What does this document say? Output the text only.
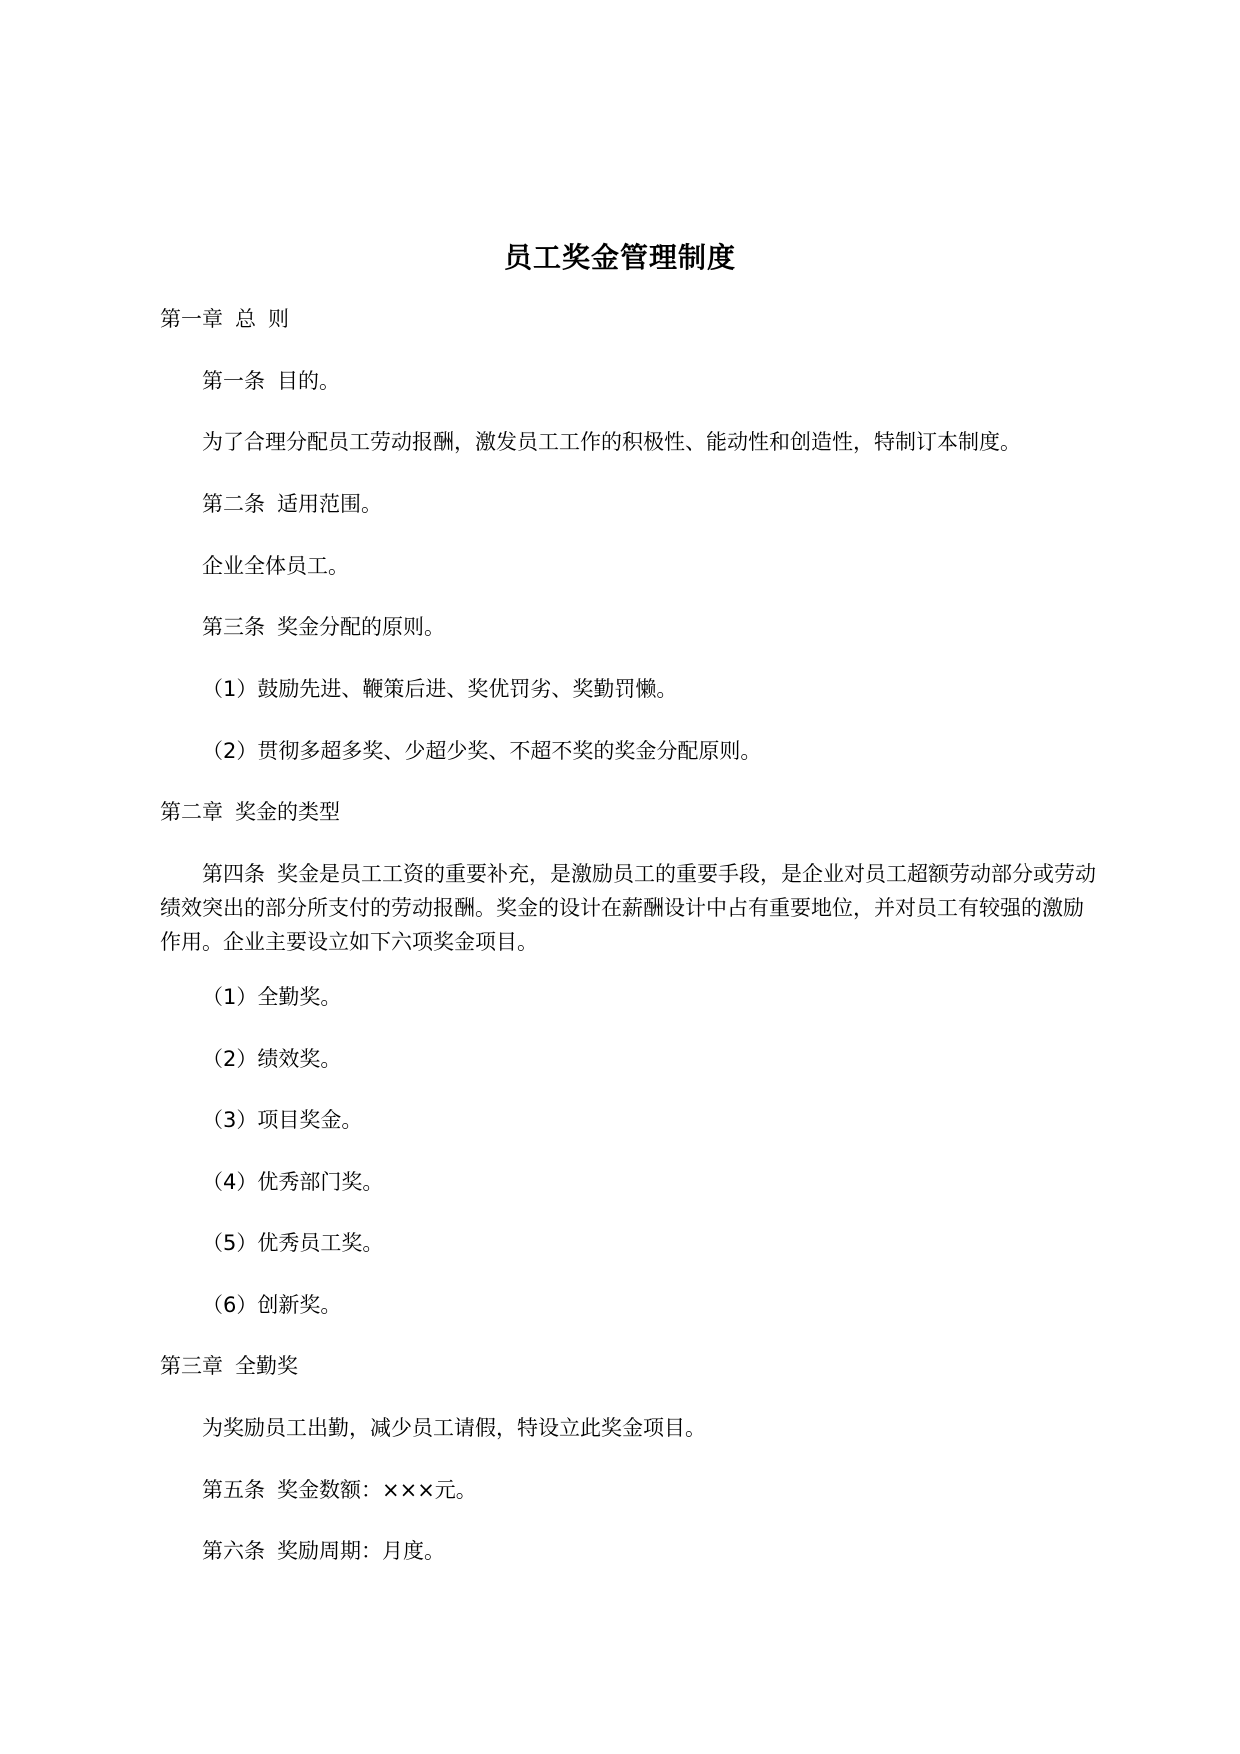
员工奖金管理制度
第一章 总 则
第一条 目的。
为了合理分配员工劳动报酬，激发员工工作的积极性、能动性和创造性，特制订本制度。
第二条 适用范围。
企业全体员工。
第三条 奖金分配的原则。
（1）鼓励先进、鞭策后进、奖优罚劣、奖勤罚懒。
（2）贯彻多超多奖、少超少奖、不超不奖的奖金分配原则。
第二章 奖金的类型
第四条 奖金是员工工资的重要补充，是激励员工的重要手段，是企业对员工超额劳动部分或劳动绩效突出的部分所支付的劳动报酬。奖金的设计在薪酬设计中占有重要地位，并对员工有较强的激励作用。企业主要设立如下六项奖金项目。
（1）全勤奖。
（2）绩效奖。
（3）项目奖金。
（4）优秀部门奖。
（5）优秀员工奖。
（6）创新奖。
第三章 全勤奖
为奖励员工出勤，减少员工请假，特设立此奖金项目。
第五条 奖金数额：×××元。
第六条 奖励周期：月度。
